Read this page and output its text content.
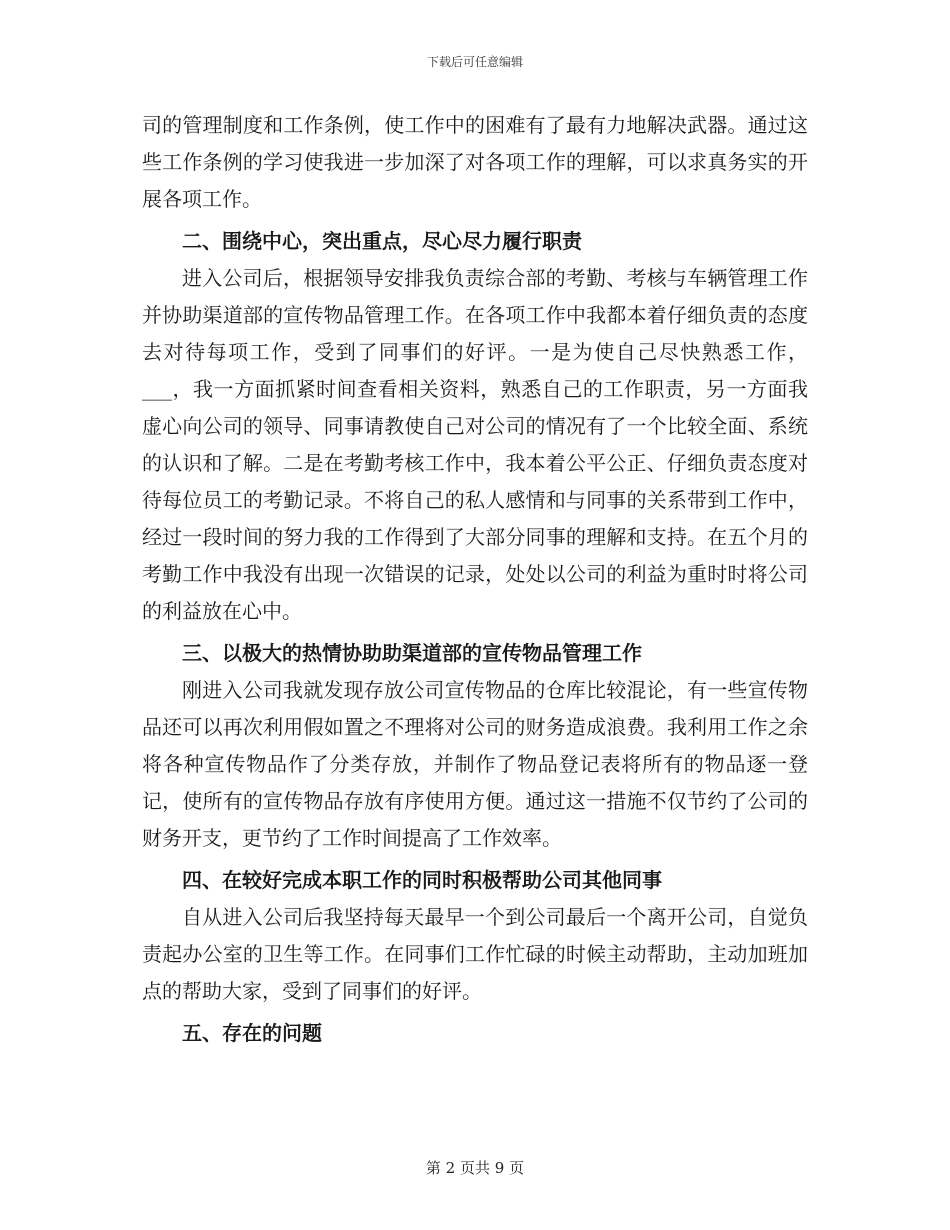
下载后可任意编辑

司的管理制度和工作条例，使工作中的困难有了最有力地解决武器。通过这些工作条例的学习使我进一步加深了对各项工作的理解，可以求真务实的开展各项工作。

二、围绕中心，突出重点，尽心尽力履行职责

进入公司后，根据领导安排我负责综合部的考勤、考核与车辆管理工作并协助渠道部的宣传物品管理工作。在各项工作中我都本着仔细负责的态度去对待每项工作，受到了同事们的好评。一是为使自己尽快熟悉工作，___，我一方面抓紧时间查看相关资料，熟悉自己的工作职责，另一方面我虚心向公司的领导、同事请教使自己对公司的情况有了一个比较全面、系统的认识和了解。二是在考勤考核工作中，我本着公平公正、仔细负责态度对待每位员工的考勤记录。不将自己的私人感情和与同事的关系带到工作中，经过一段时间的努力我的工作得到了大部分同事的理解和支持。在五个月的考勤工作中我没有出现一次错误的记录，处处以公司的利益为重时时将公司的利益放在心中。

三、以极大的热情协助助渠道部的宣传物品管理工作

刚进入公司我就发现存放公司宣传物品的仓库比较混论，有一些宣传物品还可以再次利用假如置之不理将对公司的财务造成浪费。我利用工作之余将各种宣传物品作了分类存放，并制作了物品登记表将所有的物品逐一登记，使所有的宣传物品存放有序使用方便。通过这一措施不仅节约了公司的财务开支，更节约了工作时间提高了工作效率。

四、在较好完成本职工作的同时积极帮助公司其他同事

自从进入公司后我坚持每天最早一个到公司最后一个离开公司，自觉负责起办公室的卫生等工作。在同事们工作忙碌的时候主动帮助，主动加班加点的帮助大家，受到了同事们的好评。

五、存在的问题

第 2 页共 9 页
